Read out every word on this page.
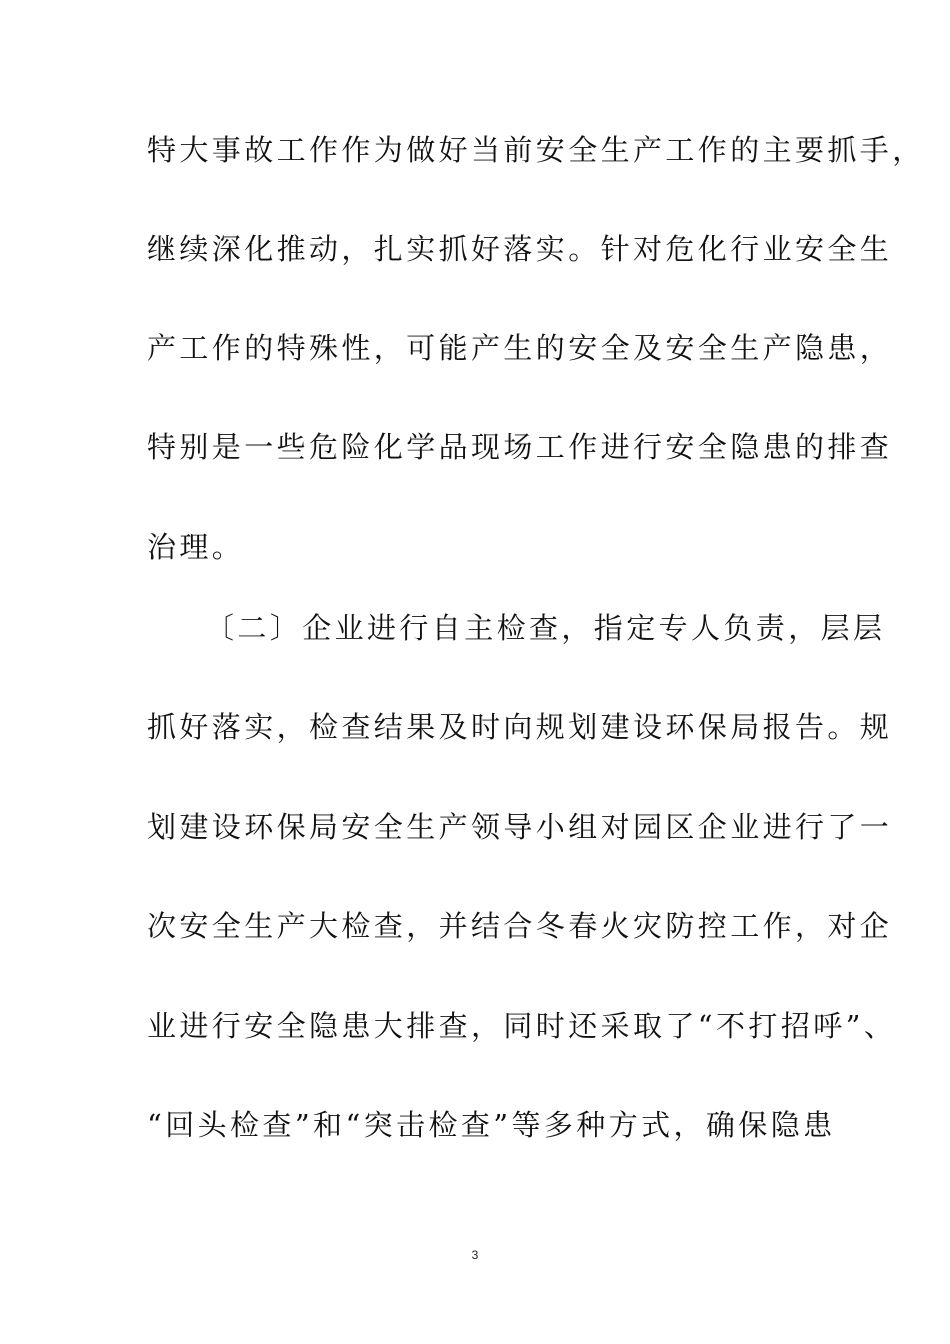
特大事故工作作为做好当前安全生产工作的主要抓手，
继续深化推动，扎实抓好落实。针对危化行业安全生
产工作的特殊性，可能产生的安全及安全生产隐患，
特别是一些危险化学品现场工作进行安全隐患的排查
治理。
〔二〕企业进行自主检查，指定专人负责，层层
抓好落实，检查结果及时向规划建设环保局报告。规
划建设环保局安全生产领导小组对园区企业进行了一
次安全生产大检查，并结合冬春火灾防控工作，对企
业进行安全隐患大排查，同时还采取了“不打招呼”、
“回头检查”和“突击检查”等多种方式，确保隐患
3
